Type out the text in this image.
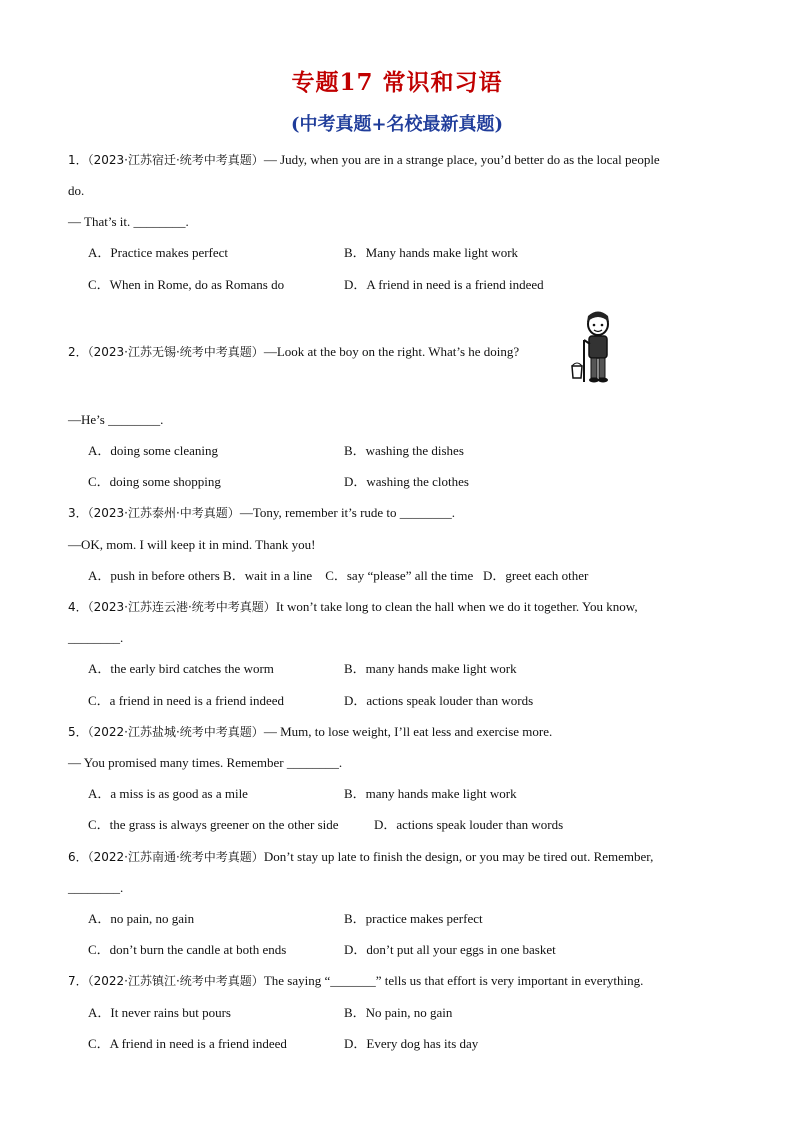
专题17 常识和习语
(中考真题+名校最新真题)
1．（2023·江苏宿迁·统考中考真题）— Judy, when you are in a strange place, you’d better do as the local people
do.
— That’s it. ________.
A．Practice makes perfect	B．Many hands make light work
C．When in Rome, do as Romans do	D．A friend in need is a friend indeed
2．（2023·江苏无锡·统考中考真题）—Look at the boy on the right. What’s he doing?
—He’s ________.
A．doing some cleaning	B．washing the dishes
C．doing some shopping	D．washing the clothes
3．（2023·江苏泰州·中考真题）—Tony, remember it’s rude to ________.
—OK, mom. I will keep it in mind. Thank you!
A．push in before others B．wait in a line    C．say “please” all the time   D．greet each other
4．（2023·江苏连云港·统考中考真题）It won’t take long to clean the hall when we do it together. You know,
________.
A．the early bird catches the worm	B．many hands make light work
C．a friend in need is a friend indeed	D．actions speak louder than words
5．（2022·江苏盐城·统考中考真题）— Mum, to lose weight, I’ll eat less and exercise more.
— You promised many times. Remember ________.
A．a miss is as good as a mile	B．many hands make light work
C．the grass is always greener on the other side	D．actions speak louder than words
6．（2022·江苏南通·统考中考真题）Don’t stay up late to finish the design, or you may be tired out. Remember,
________.
A．no pain, no gain	B．practice makes perfect
C．don’t burn the candle at both ends	D．don’t put all your eggs in one basket
7．（2022·江苏镇江·统考中考真题）The saying “_______” tells us that effort is very important in everything.
A．It never rains but pours	B．No pain, no gain
C．A friend in need is a friend indeed	D．Every dog has its day
